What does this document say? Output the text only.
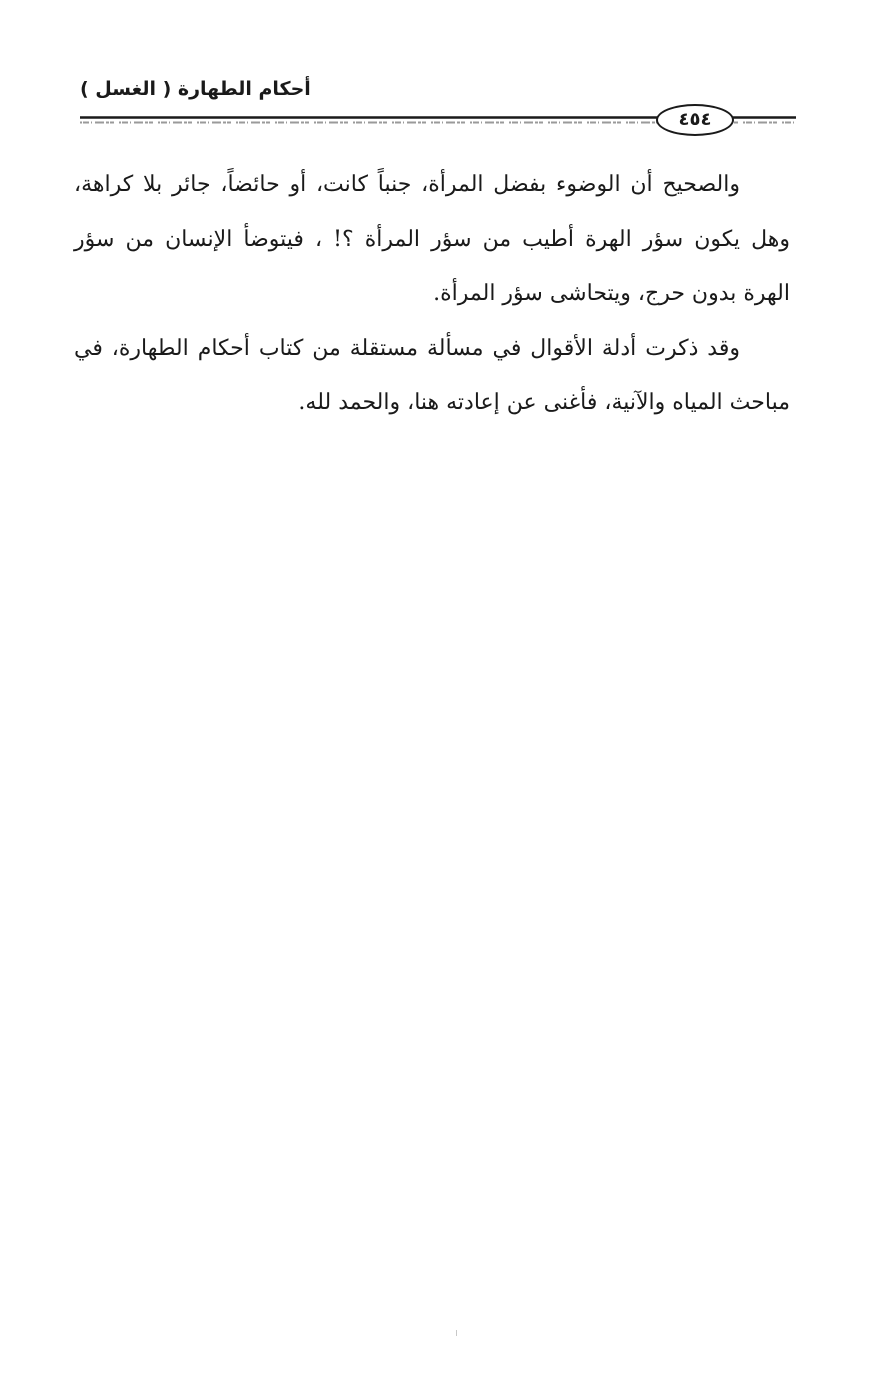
أحكام الطهارة ( الغسل )
٤٥٤

والصحيح أن الوضوء بفضل المرأة، جنباً كانت، أو حائضاً، جائر بلا كراهة، وهل يكون سؤر الهرة أطيب من سؤر المرأة ؟! ، فيتوضأ الإنسان من سؤر الهرة بدون حرج، ويتحاشى سؤر المرأة.

وقد ذكرت أدلة الأقوال في مسألة مستقلة من كتاب أحكام الطهارة، في مباحث المياه والآنية، فأغنى عن إعادته هنا، والحمد لله.
